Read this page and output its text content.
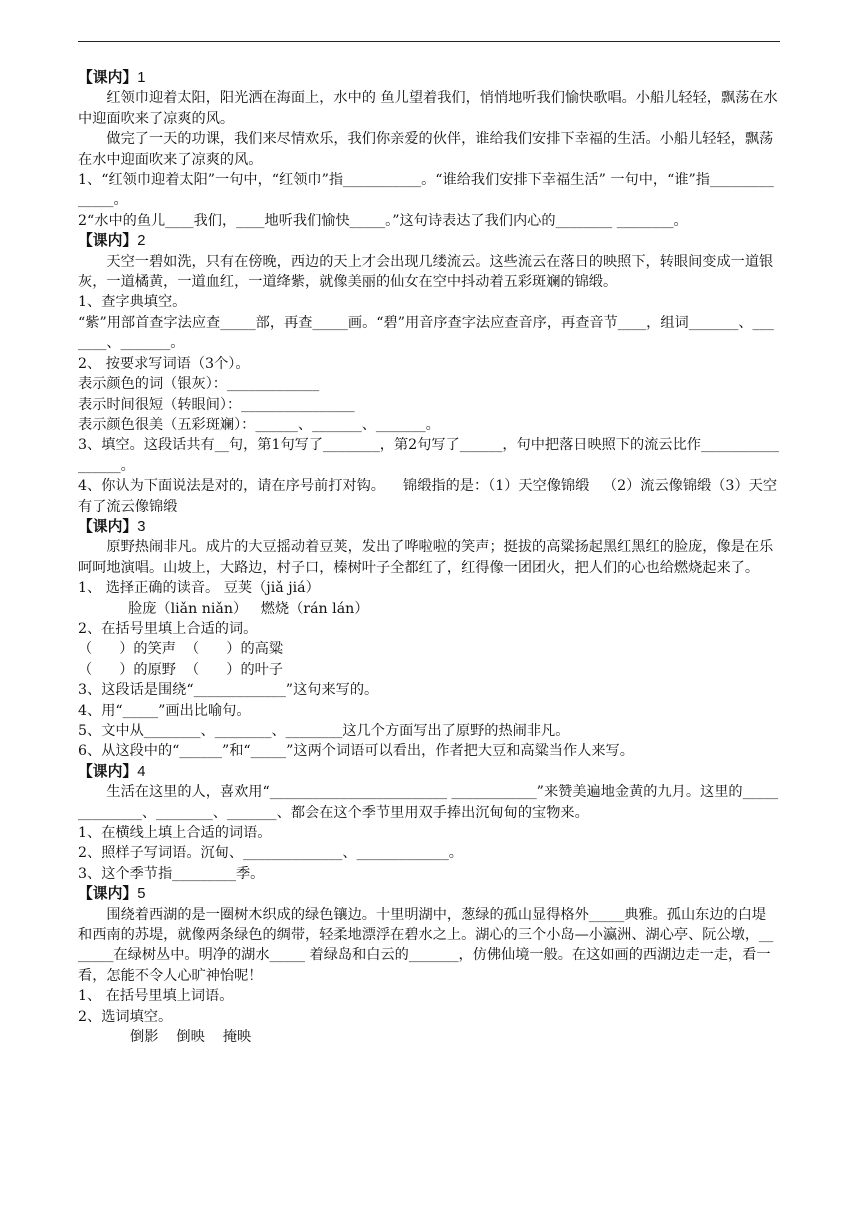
【课内】1

红领巾迎着太阳，阳光洒在海面上，水中的 鱼儿望着我们，悄悄地听我们愉快歌唱。小船儿轻轻，飘荡在水中迎面吹来了凉爽的风。

做完了一天的功课，我们来尽情欢乐，我们你亲爱的伙伴，谁给我们安排下幸福的生活。小船儿轻轻，飘荡在水中迎面吹来了凉爽的风。

1、“红领巾迎着太阳”一句中，“红领巾”指___________。“谁给我们安排下幸福生活” 一句中，“谁”指______________。

2“水中的鱼儿____我们，____地听我们愉快_____。”这句诗表达了我们内心的________ ________。

【课内】2

天空一碧如洗，只有在傍晚，西边的天上才会出现几缕流云。这些流云在落日的映照下，转眼间变成一道银灰，一道橘黄，一道血红，一道绛紫，就像美丽的仙女在空中抖动着五彩斑斓的锦缎。

1、查字典填空。

“紫”用部首查字法应查_____部，再查_____画。“碧”用音序查字法应查音序，再查音节____，组词_______、_______、_______。

2、 按要求写词语（3个）。

表示颜色的词（银灰）：_____________

表示时间很短（转眼间）：________________

表示颜色很美（五彩斑斓）：______、_______、_______。

3、填空。这段话共有__句，第1句写了________，第2句写了______，句中把落日映照下的流云比作_________________。

4、你认为下面说法是对的，请在序号前打对钩。    锦缎指的是：（1）天空像锦缎   （2）流云像锦缎（3）天空有了流云像锦缎

【课内】3

原野热闹非凡。成片的大豆摇动着豆荚，发出了哗啦啦的笑声；挺拔的高粱扬起黑红黑红的脸庞，像是在乐呵呵地演唱。山坡上，大路边，村子口，榛树叶子全都红了，红得像一团团火，把人们的心也给燃烧起来了。

1、 选择正确的读音。 豆荚（jiǎ jiá）

脸庞（liǎn niǎn）   燃烧（rán lán）

2、在括号里填上合适的词。

（      ）的笑声  （      ）的高粱

（      ）的原野  （      ）的叶子

3、这段话是围绕“_____________”这句来写的。

4、用“_____”画出比喻句。

5、文中从________、________、________这几个方面写出了原野的热闹非凡。

6、从这段中的“______”和“_____”这两个词语可以看出，作者把大豆和高粱当作人来写。

【课内】4

生活在这里的人，喜欢用“_________________________ ____________”来赞美遍地金黄的九月。这里的______________、________、_______、都会在这个季节里用双手捧出沉甸甸的宝物来。

1、在横线上填上合适的词语。

2、照样子写词语。沉甸、______________、_____________。

3、这个季节指_________季。

【课内】5

围绕着西湖的是一圈树木织成的绿色镶边。十里明湖中，葱绿的孤山显得格外_____典雅。孤山东边的白堤和西南的苏堤，就像两条绿色的绸带，轻柔地漂浮在碧水之上。湖心的三个小岛—小瀛洲、湖心亭、阮公墩，_______在绿树丛中。明净的湖水_____ 着绿岛和白云的_______，仿佛仙境一般。在这如画的西湖边走一走，看一看，怎能不令人心旷神怡呢！

1、 在括号里填上词语。

2、选词填空。

倒影    倒映    掩映
